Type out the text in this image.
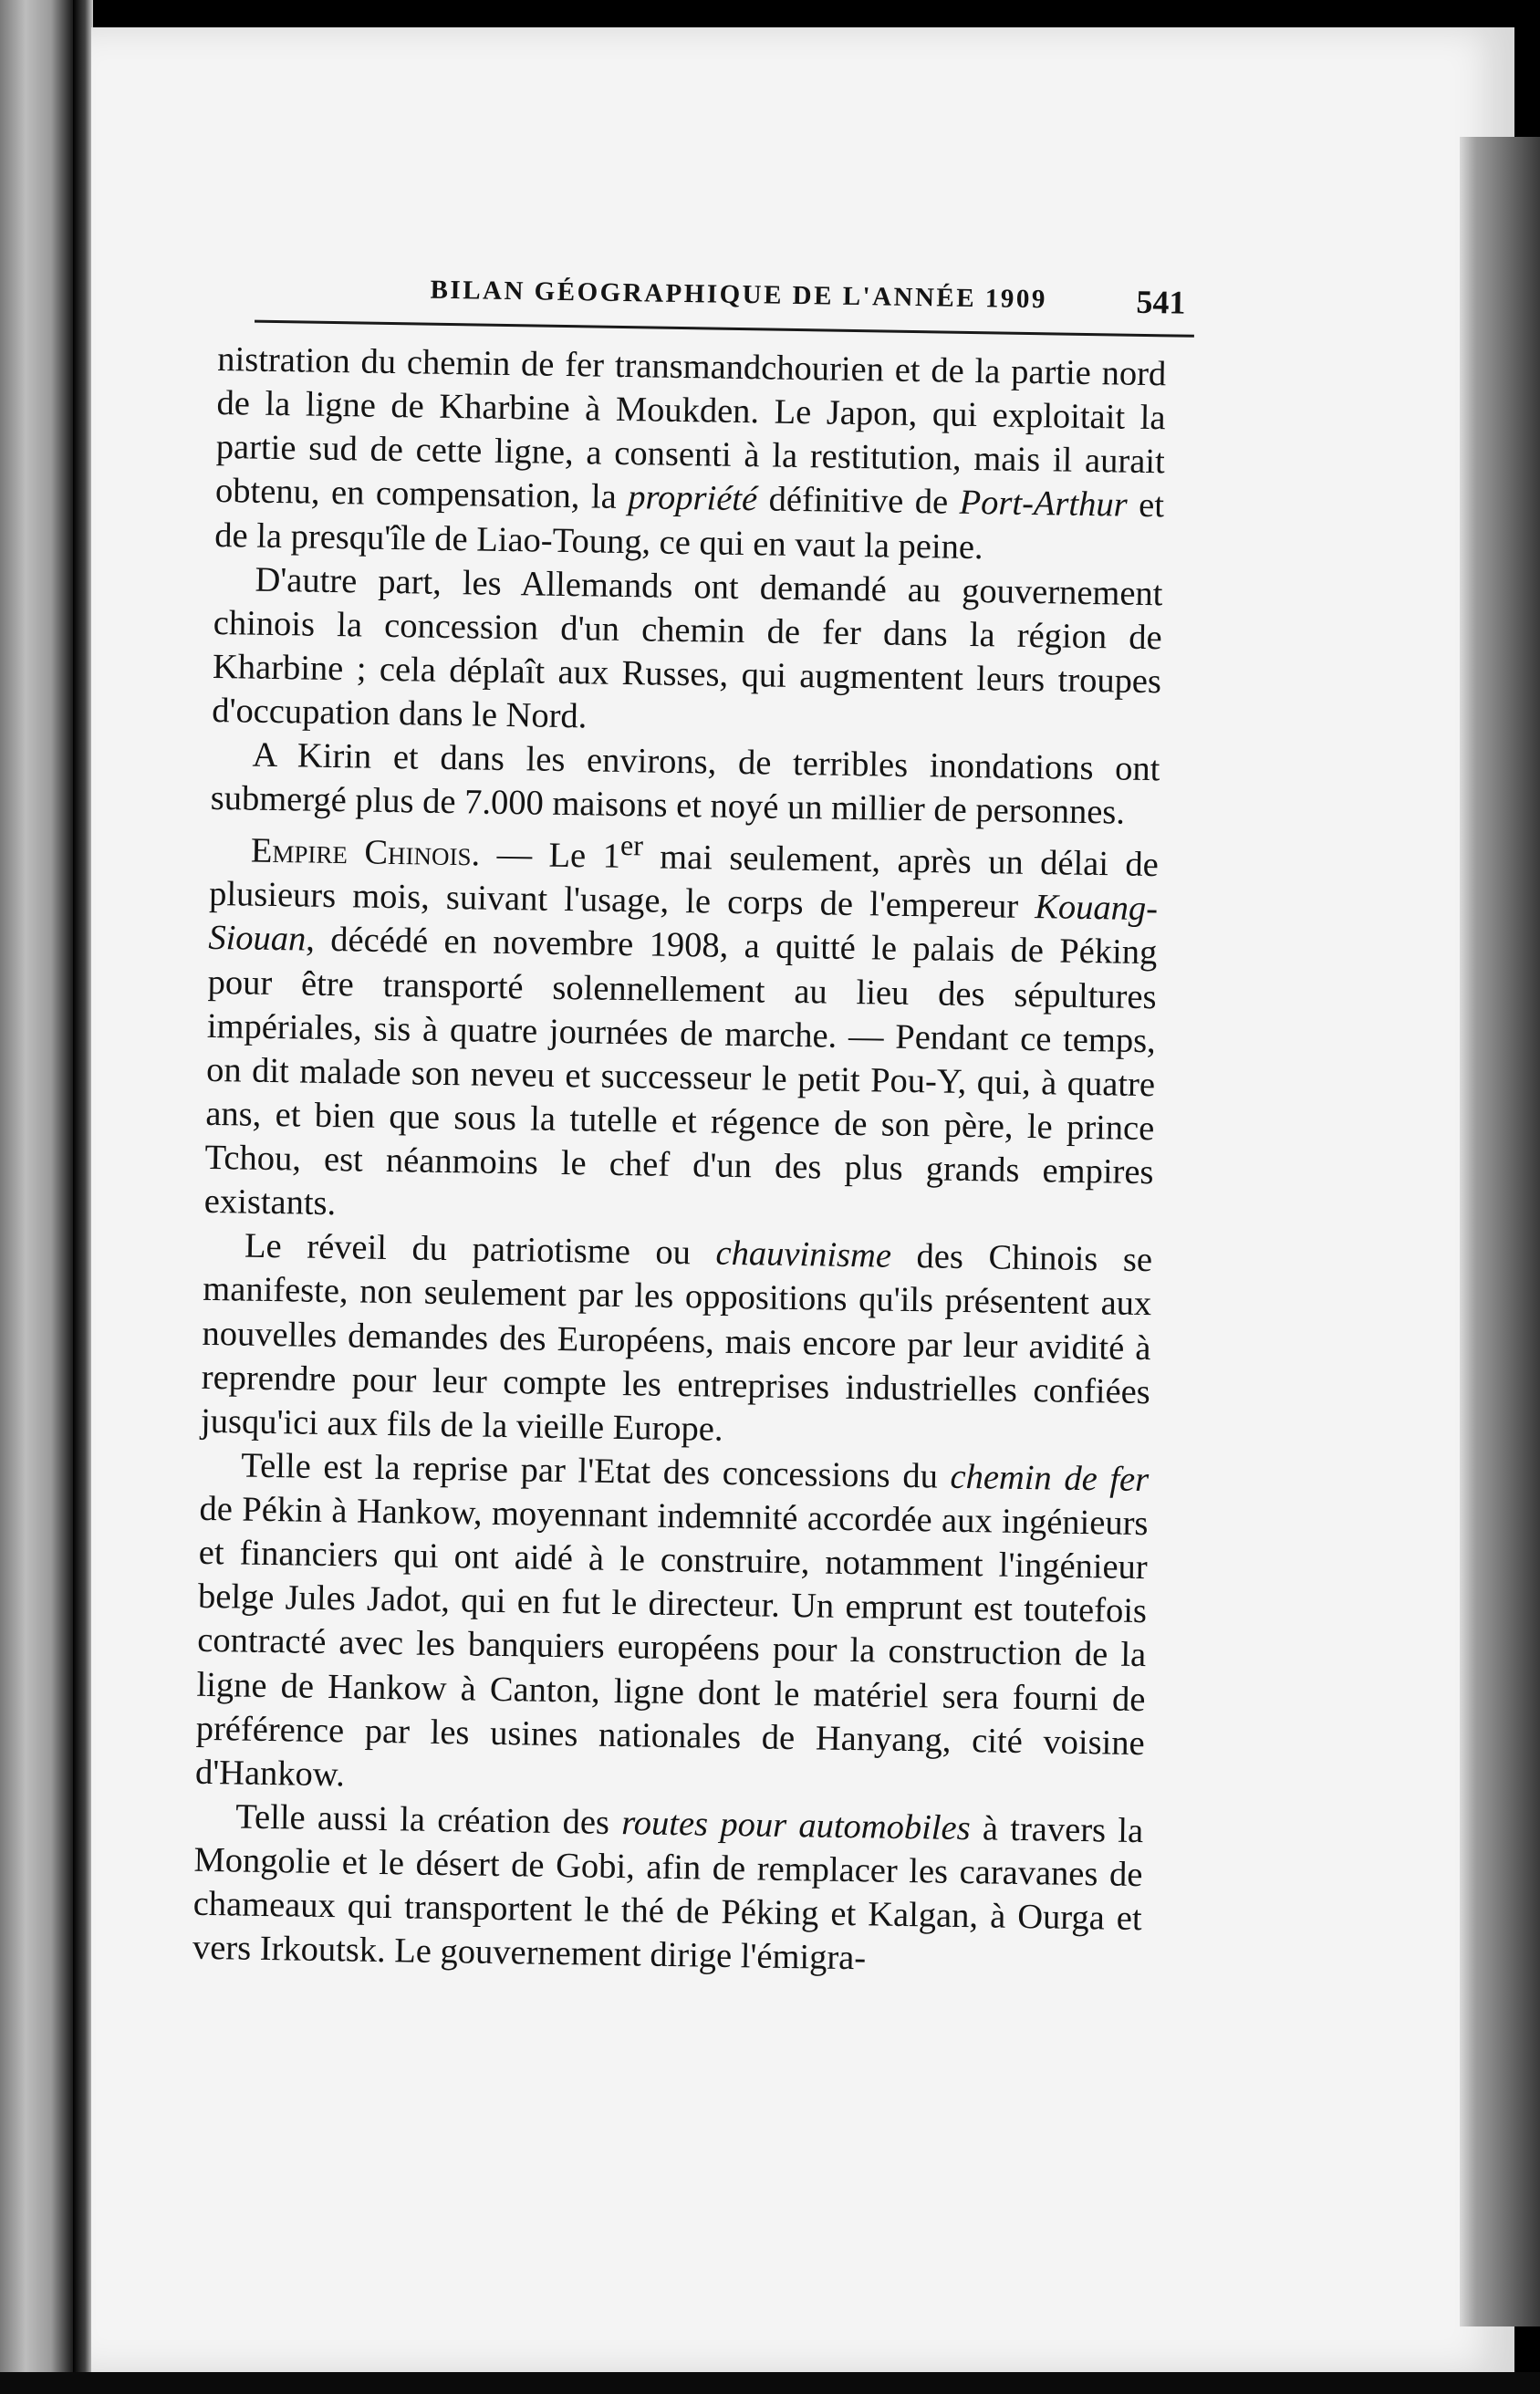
BILAN GÉOGRAPHIQUE DE L'ANNÉE 1909	541

nistration du chemin de fer transmandchourien et de la partie nord de la ligne de Kharbine à Moukden. Le Japon, qui exploitait la partie sud de cette ligne, a consenti à la restitution, mais il aurait obtenu, en compensation, la propriété définitive de Port-Arthur et de la presqu'île de Liao-Toung, ce qui en vaut la peine.

D'autre part, les Allemands ont demandé au gouvernement chinois la concession d'un chemin de fer dans la région de Kharbine ; cela déplaît aux Russes, qui augmentent leurs troupes d'occupation dans le Nord.

A Kirin et dans les environs, de terribles inondations ont submergé plus de 7.000 maisons et noyé un millier de personnes.

Empire Chinois. — Le 1er mai seulement, après un délai de plusieurs mois, suivant l'usage, le corps de l'empereur Kouang-Siouan, décédé en novembre 1908, a quitté le palais de Péking pour être transporté solennellement au lieu des sépultures impériales, sis à quatre journées de marche. — Pendant ce temps, on dit malade son neveu et successeur le petit Pou-Y, qui, à quatre ans, et bien que sous la tutelle et régence de son père, le prince Tchou, est néanmoins le chef d'un des plus grands empires existants.

Le réveil du patriotisme ou chauvinisme des Chinois se manifeste, non seulement par les oppositions qu'ils présentent aux nouvelles demandes des Européens, mais encore par leur avidité à reprendre pour leur compte les entreprises industrielles confiées jusqu'ici aux fils de la vieille Europe.

Telle est la reprise par l'Etat des concessions du chemin de fer de Pékin à Hankow, moyennant indemnité accordée aux ingénieurs et financiers qui ont aidé à le construire, notamment l'ingénieur belge Jules Jadot, qui en fut le directeur. Un emprunt est toutefois contracté avec les banquiers européens pour la construction de la ligne de Hankow à Canton, ligne dont le matériel sera fourni de préférence par les usines nationales de Hanyang, cité voisine d'Hankow.

Telle aussi la création des routes pour automobiles à travers la Mongolie et le désert de Gobi, afin de remplacer les caravanes de chameaux qui transportent le thé de Péking et Kalgan, à Ourga et vers Irkoutsk. Le gouvernement dirige l'émigra-
